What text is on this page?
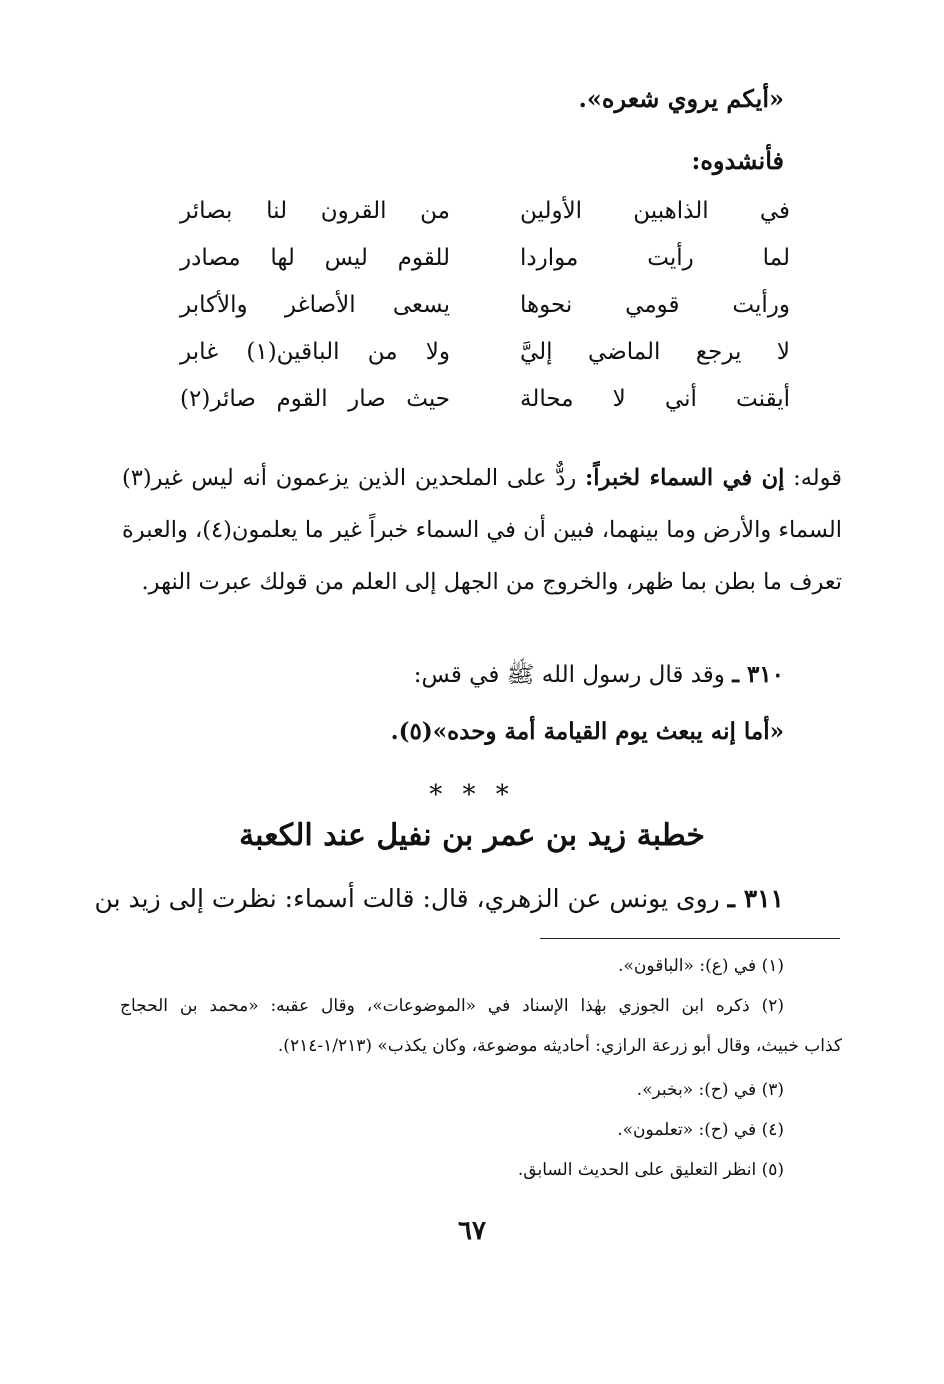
«أيكم يروي شعره».
فأنشدوه:
في الذاهبين الأولين
من القرون لنا بصائر
لما رأيت مواردا
للقوم ليس لها مصادر
ورأيت قومي نحوها
يسعى الأصاغر والأكابر
لا يرجع الماضي إليَّ
ولا من الباقين(١) غابر
أيقنت أني لا محالة
حيث صار القوم صائر(٢)
قوله: إن في السماء لخبراً: ردٌّ على الملحدين الذين يزعمون أنه ليس غير(٣) السماء والأرض وما بينهما، فبين أن في السماء خبراً غير ما يعلمون(٤)، والعبرة تعرف ما بطن بما ظهر، والخروج من الجهل إلى العلم من قولك عبرت النهر.
٣١٠ ـ وقد قال رسول الله ﷺ في قس:
«أما إنه يبعث يوم القيامة أمة وحده»(٥).
* * *
خطبة زيد بن عمر بن نفيل عند الكعبة
٣١١ ـ روى يونس عن الزهري، قال: قالت أسماء: نظرت إلى زيد بن
(١) في (ع): «الباقون».
(٢) ذكره ابن الجوزي بهٰذا الإسناد في «الموضوعات»، وقال عقبه: «محمد بن الحجاج
كذاب خبيث، وقال أبو زرعة الرازي: أحاديثه موضوعة، وكان يكذب» (١/٢١٣-٢١٤).
(٣) في (ح): «بخبر».
(٤) في (ح): «تعلمون».
(٥) انظر التعليق على الحديث السابق.
٦٧
